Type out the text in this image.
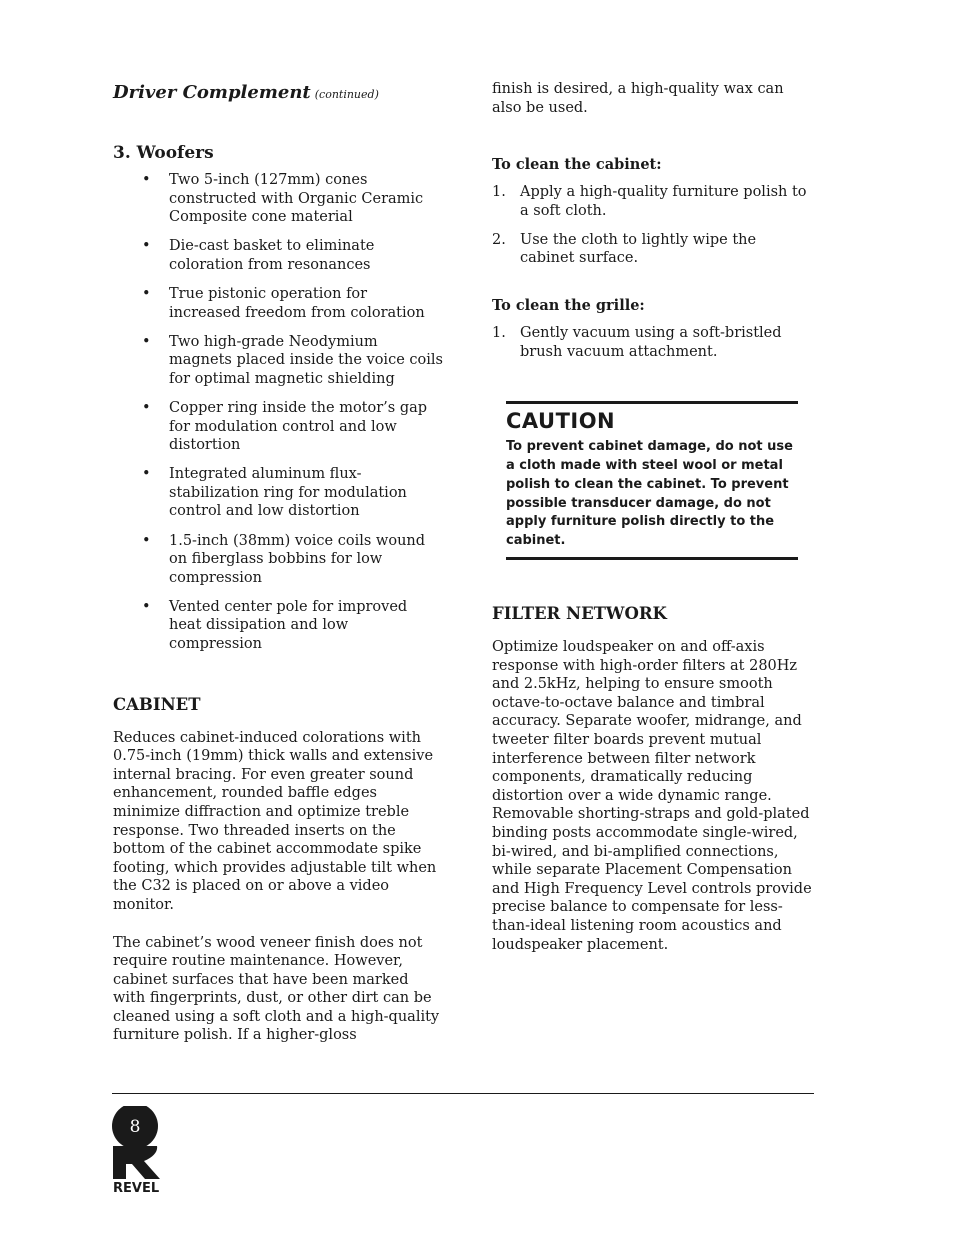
Driver Complement (continued)

3. Woofers

• Two 5-inch (127mm) cones constructed with Organic Ceramic Composite cone material
• Die-cast basket to eliminate coloration from resonances
• True pistonic operation for increased freedom from coloration
• Two high-grade Neodymium magnets placed inside the voice coils for optimal magnetic shielding
• Copper ring inside the motor’s gap for modulation control and low distortion
• Integrated aluminum flux-stabilization ring for modulation control and low distortion
• 1.5-inch (38mm) voice coils wound on fiberglass bobbins for low compression
• Vented center pole for improved heat dissipation and low compression

CABINET

Reduces cabinet-induced colorations with 0.75-inch (19mm) thick walls and extensive internal bracing. For even greater sound enhancement, rounded baffle edges minimize diffraction and optimize treble response. Two threaded inserts on the bottom of the cabinet accommodate spike footing, which provides adjustable tilt when the C32 is placed on or above a video monitor.

The cabinet’s wood veneer finish does not require routine maintenance. However, cabinet surfaces that have been marked with fingerprints, dust, or other dirt can be cleaned using a soft cloth and a high-quality furniture polish. If a higher-gloss

finish is desired, a high-quality wax can also be used.

To clean the cabinet:

1. Apply a high-quality furniture polish to a soft cloth.
2. Use the cloth to lightly wipe the cabinet surface.

To clean the grille:

1. Gently vacuum using a soft-bristled brush vacuum attachment.

CAUTION

To prevent cabinet damage, do not use a cloth made with steel wool or metal polish to clean the cabinet. To prevent possible transducer damage, do not apply furniture polish directly to the cabinet.

FILTER NETWORK

Optimize loudspeaker on and off-axis response with high-order filters at 280Hz and 2.5kHz, helping to ensure smooth octave-to-octave balance and timbral accuracy. Separate woofer, midrange, and tweeter filter boards prevent mutual interference between filter network components, dramatically reducing distortion over a wide dynamic range. Removable shorting-straps and gold-plated binding posts accommodate single-wired, bi-wired, and bi-amplified connections, while separate Placement Compensation and High Frequency Level controls provide precise balance to compensate for less-than-ideal listening room acoustics and loudspeaker placement.

REVEL
8
